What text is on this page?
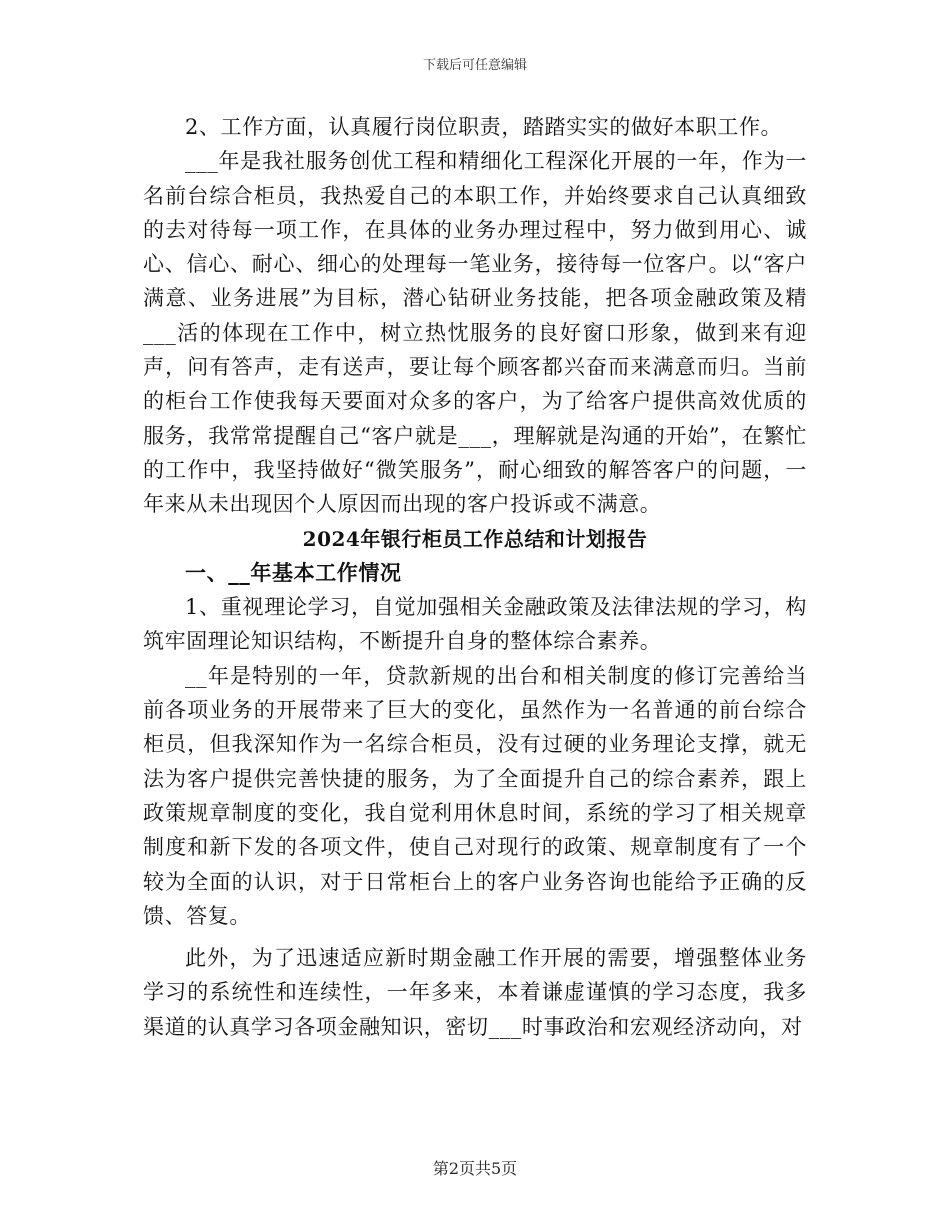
下载后可任意编辑

2、工作方面，认真履行岗位职责，踏踏实实的做好本职工作。

___年是我社服务创优工程和精细化工程深化开展的一年，作为一名前台综合柜员，我热爱自己的本职工作，并始终要求自己认真细致的去对待每一项工作，在具体的业务办理过程中，努力做到用心、诚心、信心、耐心、细心的处理每一笔业务，接待每一位客户。以“客户满意、业务进展”为目标，潜心钻研业务技能，把各项金融政策及精___活的体现在工作中，树立热忱服务的良好窗口形象，做到来有迎声，问有答声，走有送声，要让每个顾客都兴奋而来满意而归。当前的柜台工作使我每天要面对众多的客户，为了给客户提供高效优质的服务，我常常提醒自己“客户就是___，理解就是沟通的开始”，在繁忙的工作中，我坚持做好“微笑服务”，耐心细致的解答客户的问题，一年来从未出现因个人原因而出现的客户投诉或不满意。

2024年银行柜员工作总结和计划报告

一、__年基本工作情况

1、重视理论学习，自觉加强相关金融政策及法律法规的学习，构筑牢固理论知识结构，不断提升自身的整体综合素养。

__年是特别的一年，贷款新规的出台和相关制度的修订完善给当前各项业务的开展带来了巨大的变化，虽然作为一名普通的前台综合柜员，但我深知作为一名综合柜员，没有过硬的业务理论支撑，就无法为客户提供完善快捷的服务，为了全面提升自己的综合素养，跟上政策规章制度的变化，我自觉利用休息时间，系统的学习了相关规章制度和新下发的各项文件，使自己对现行的政策、规章制度有了一个较为全面的认识，对于日常柜台上的客户业务咨询也能给予正确的反馈、答复。

此外，为了迅速适应新时期金融工作开展的需要，增强整体业务学习的系统性和连续性，一年多来，本着谦虚谨慎的学习态度，我多渠道的认真学习各项金融知识，密切___时事政治和宏观经济动向，对

第2页共5页
